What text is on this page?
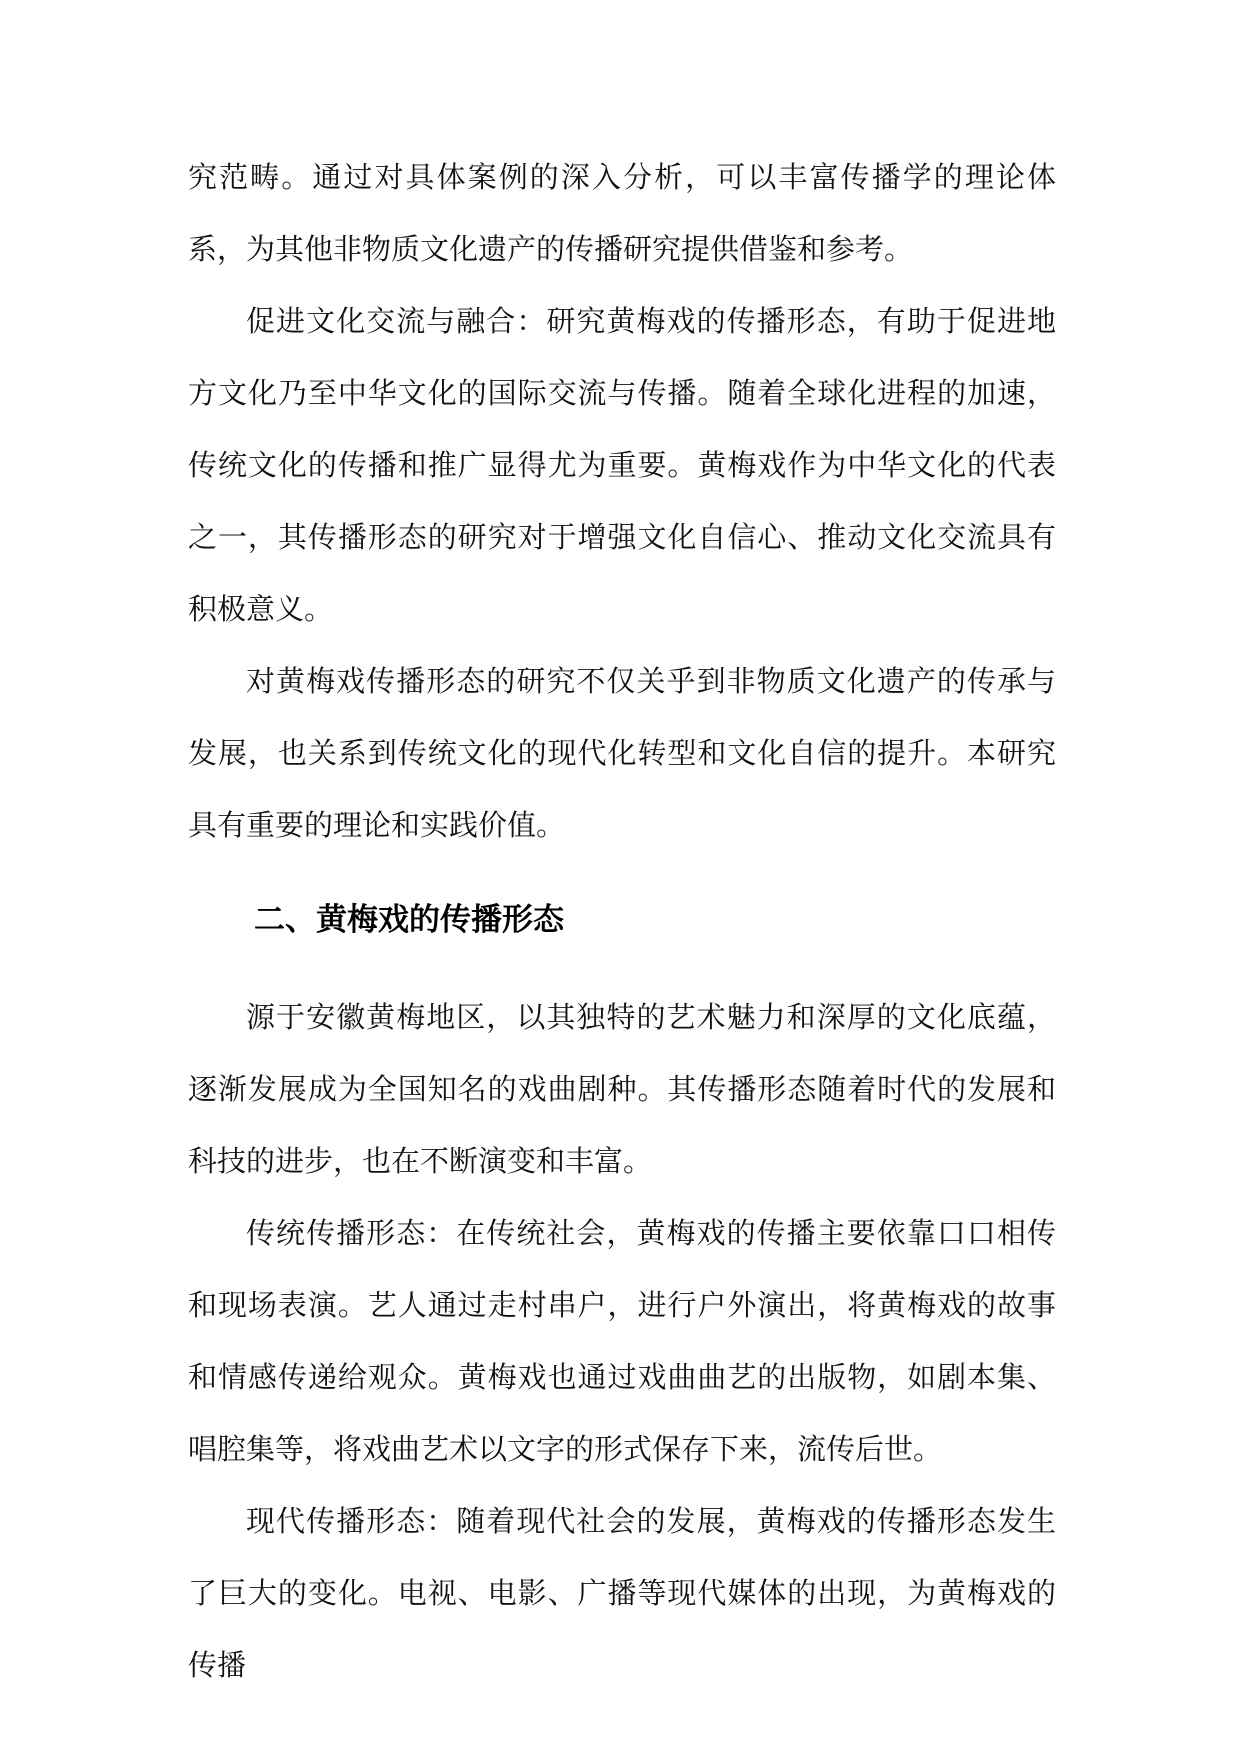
究范畴。通过对具体案例的深入分析，可以丰富传播学的理论体系，为其他非物质文化遗产的传播研究提供借鉴和参考。

促进文化交流与融合：研究黄梅戏的传播形态，有助于促进地方文化乃至中华文化的国际交流与传播。随着全球化进程的加速，传统文化的传播和推广显得尤为重要。黄梅戏作为中华文化的代表之一，其传播形态的研究对于增强文化自信心、推动文化交流具有积极意义。

对黄梅戏传播形态的研究不仅关乎到非物质文化遗产的传承与发展，也关系到传统文化的现代化转型和文化自信的提升。本研究具有重要的理论和实践价值。

二、黄梅戏的传播形态

源于安徽黄梅地区，以其独特的艺术魅力和深厚的文化底蕴，逐渐发展成为全国知名的戏曲剧种。其传播形态随着时代的发展和科技的进步，也在不断演变和丰富。

传统传播形态：在传统社会，黄梅戏的传播主要依靠口口相传和现场表演。艺人通过走村串户，进行户外演出，将黄梅戏的故事和情感传递给观众。黄梅戏也通过戏曲曲艺的出版物，如剧本集、唱腔集等，将戏曲艺术以文字的形式保存下来，流传后世。

现代传播形态：随着现代社会的发展，黄梅戏的传播形态发生了巨大的变化。电视、电影、广播等现代媒体的出现，为黄梅戏的传播
